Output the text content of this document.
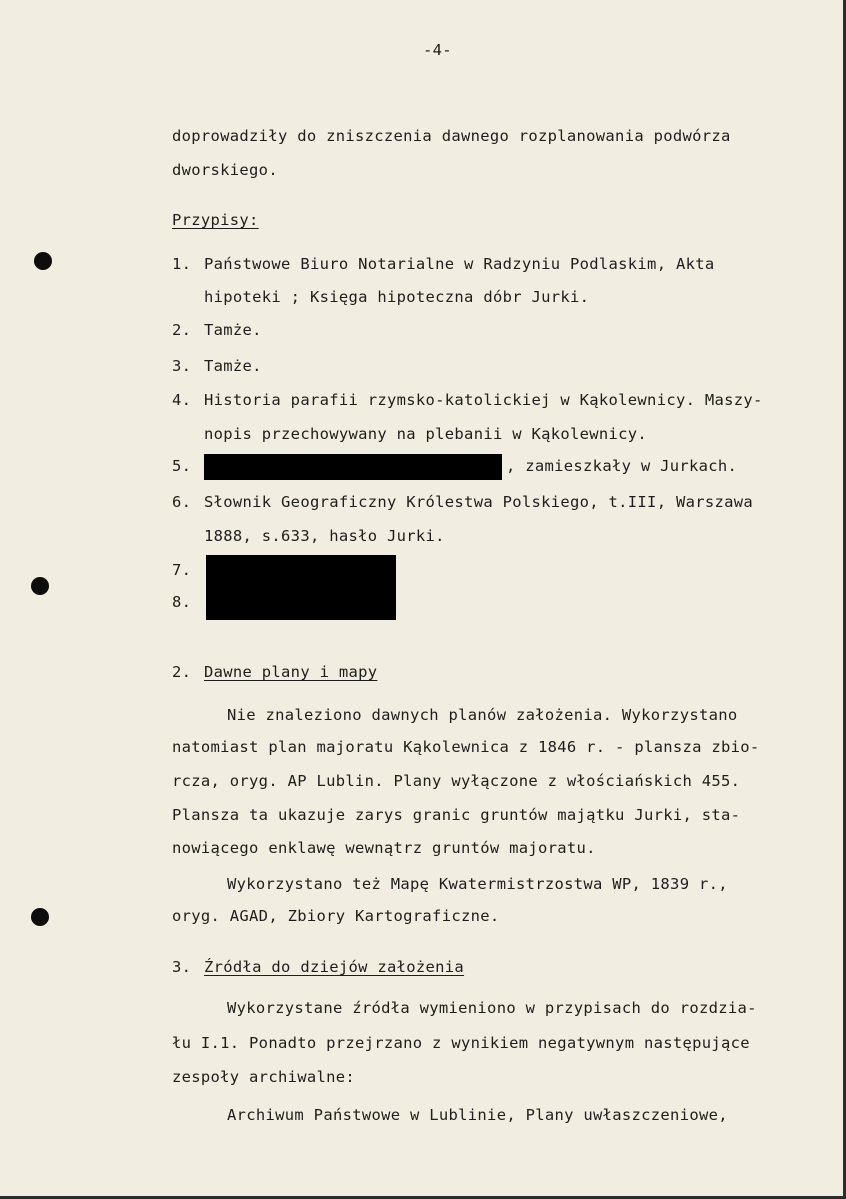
-4-
doprowadziły do zniszczenia dawnego rozplanowania podwórza
dworskiego.
Przypisy:
1. Państwowe Biuro Notarialne w Radzyniu Podlaskim, Akta
hipoteki ; Księga hipoteczna dóbr Jurki.
2. Tamże.
3. Tamże.
4. Historia parafii rzymsko-katolickiej w Kąkolewnicy. Maszy-
nopis przechowywany na plebanii w Kąkolewnicy.
5.	, zamieszkały w Jurkach.
6. Słownik Geograficzny Królestwa Polskiego, t.III, Warszawa
1888, s.633, hasło Jurki.
7.
8.
2. Dawne plany i mapy
Nie znaleziono dawnych planów założenia. Wykorzystano
natomiast plan majoratu Kąkolewnica z 1846 r. - plansza zbio-
rcza, oryg. AP Lublin. Plany wyłączone z włościańskich 455.
Plansza ta ukazuje zarys granic gruntów majątku Jurki, sta-
nowiącego enklawę wewnątrz gruntów majoratu.
Wykorzystano też Mapę Kwatermistrzostwa WP, 1839 r.,
oryg. AGAD, Zbiory Kartograficzne.
3. Źródła do dziejów założenia
Wykorzystane źródła wymieniono w przypisach do rozdzia-
łu I.1. Ponadto przejrzano z wynikiem negatywnym następujące
zespoły archiwalne:
Archiwum Państwowe w Lublinie, Plany uwłaszczeniowe,
